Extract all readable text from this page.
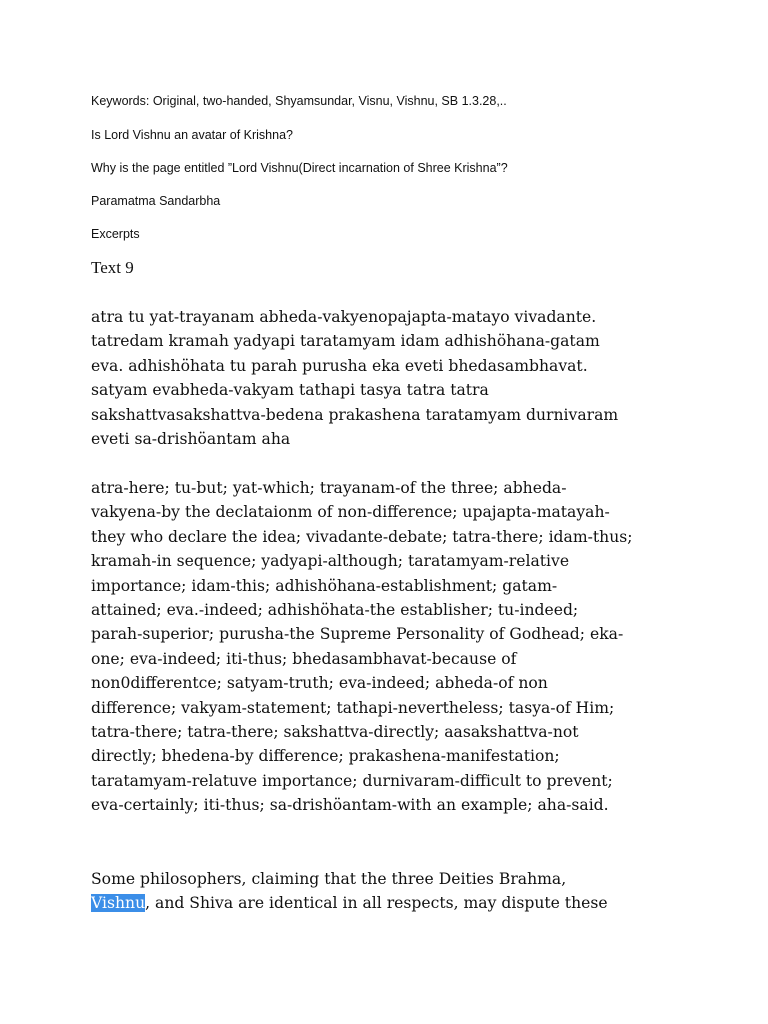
Keywords: Original, two-handed, Shyamsundar, Visnu, Vishnu, SB 1.3.28,..

Is Lord Vishnu an avatar of Krishna?

Why is the page entitled ”Lord Vishnu(Direct incarnation of Shree Krishna”?

Paramatma Sandarbha

Excerpts

Text 9

atra tu yat-trayanam abheda-vakyenopajapta-matayo vivadante.
tatredam kramah yadyapi taratamyam idam adhishöhana-gatam
eva. adhishöhata tu parah purusha eka eveti bhedasambhavat.
satyam evabheda-vakyam tathapi tasya tatra tatra
sakshattvasakshattva-bedena prakashena taratamyam durnivaram
eveti sa-drishöantam aha
atra-here; tu-but; yat-which; trayanam-of the three; abheda-
vakyena-by the declataionm of non-difference; upajapta-matayah-
they who declare the idea; vivadante-debate; tatra-there; idam-thus;
kramah-in sequence; yadyapi-although; taratamyam-relative
importance; idam-this; adhishöhana-establishment; gatam-
attained; eva.-indeed; adhishöhata-the establisher; tu-indeed;
parah-superior; purusha-the Supreme Personality of Godhead; eka-
one; eva-indeed; iti-thus; bhedasambhavat-because of
non0differentce; satyam-truth; eva-indeed; abheda-of non
difference; vakyam-statement; tathapi-nevertheless; tasya-of Him;
tatra-there; tatra-there; sakshattva-directly; aasakshattva-not
directly; bhedena-by difference; prakashena-manifestation;
taratamyam-relatuve importance; durnivaram-difficult to prevent;
eva-certainly; iti-thus; sa-drishöantam-with an example; aha-said.
Some philosophers, claiming that the three Deities Brahma,
Vishnu, and Shiva are identical in all respects, may dispute these
